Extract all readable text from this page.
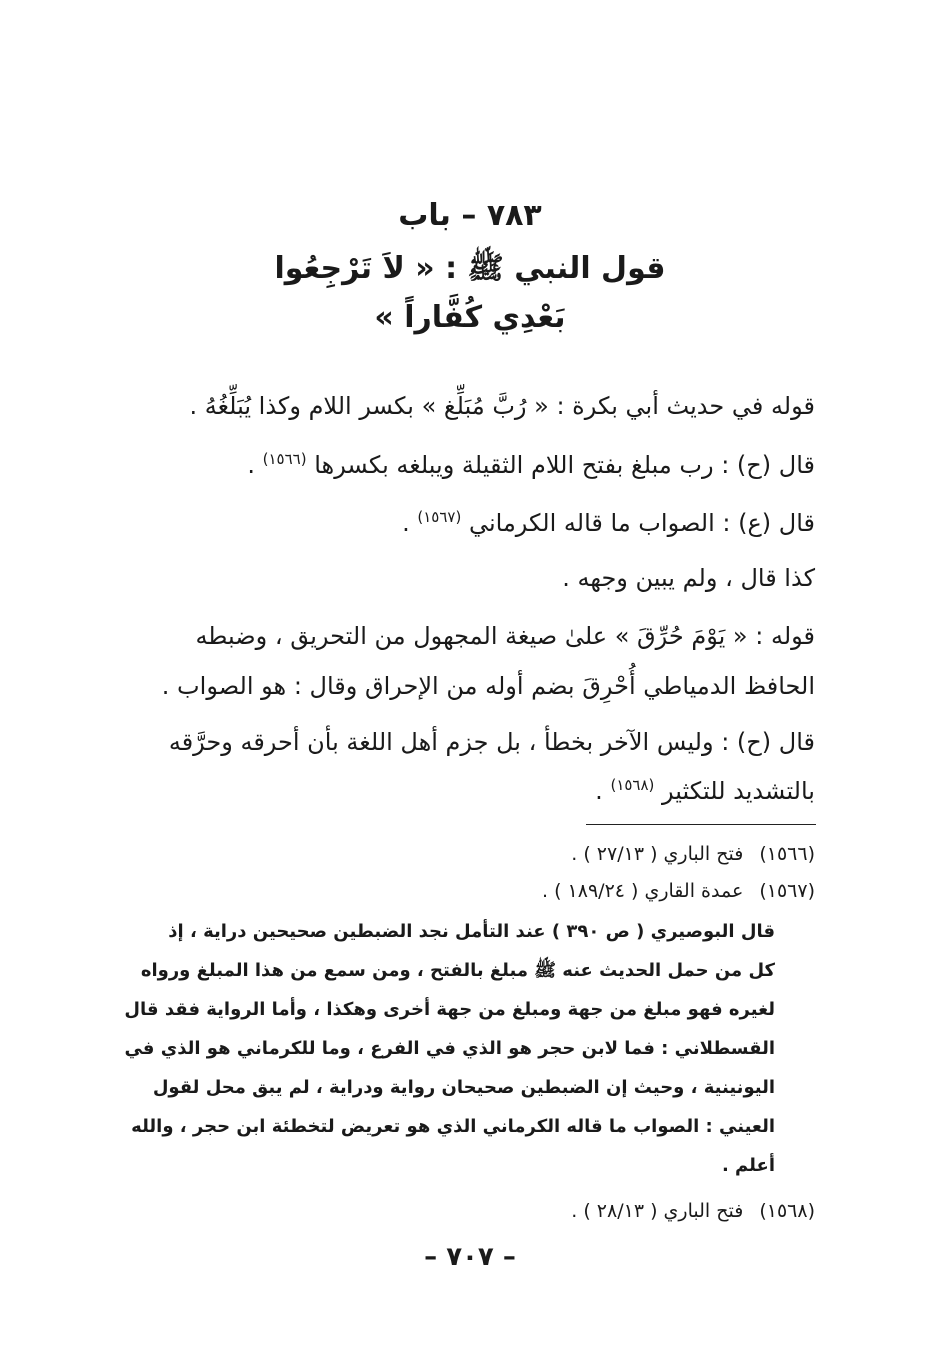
٧٨٣ – باب
قول النبي ﷺ : « لاَ تَرْجِعُوا
بَعْدِي كُفَّاراً »
قوله في حديث أبي بكرة : « رُبَّ مُبَلِّغ » بكسر اللام وكذا يُبَلِّغُهُ .
قال (ح) : رب مبلغ بفتح اللام الثقيلة ويبلغه بكسرها $^{(١٥٦٦)}$ .
قال (ع) : الصواب ما قاله الكرماني $^{(١٥٦٧)}$ .
كذا قال ، ولم يبين وجهه .
قوله : « يَوْمَ حُرِّقَ » علىٰ صيغة المجهول من التحريق ، وضبطه
الحافظ الدمياطي أُحْرِقَ بضم أوله من الإحراق وقال : هو الصواب .
قال (ح) : وليس الآخر بخطأ ، بل جزم أهل اللغة بأن أحرقه وحرَّقه
بالتشديد للتكثير $^{(١٥٦٨)}$ .
(١٥٦٦) فتح الباري ( ٢٧/١٣ ) .
(١٥٦٧) عمدة القاري ( ١٨٩/٢٤ ) .
قال البوصيري ( ص ٣٩٠ ) عند التأمل نجد الضبطين صحيحين دراية ، إذ
كل من حمل الحديث عنه ﷺ مبلغ بالفتح ، ومن سمع من هذا المبلغ ورواه
لغيره فهو مبلغ من جهة ومبلغ من جهة أخرى وهكذا ، وأما الرواية فقد قال
القسطلاني : فما لابن حجر هو الذي في الفرع ، وما للكرماني هو الذي في
اليونينية ، وحيث إن الضبطين صحيحان رواية ودراية ، لم يبق محل لقول
العيني : الصواب ما قاله الكرماني الذي هو تعريض لتخطئة ابن حجر ، والله
أعلم .
(١٥٦٨) فتح الباري ( ٢٨/١٣ ) .
– ٧٠٧ –
